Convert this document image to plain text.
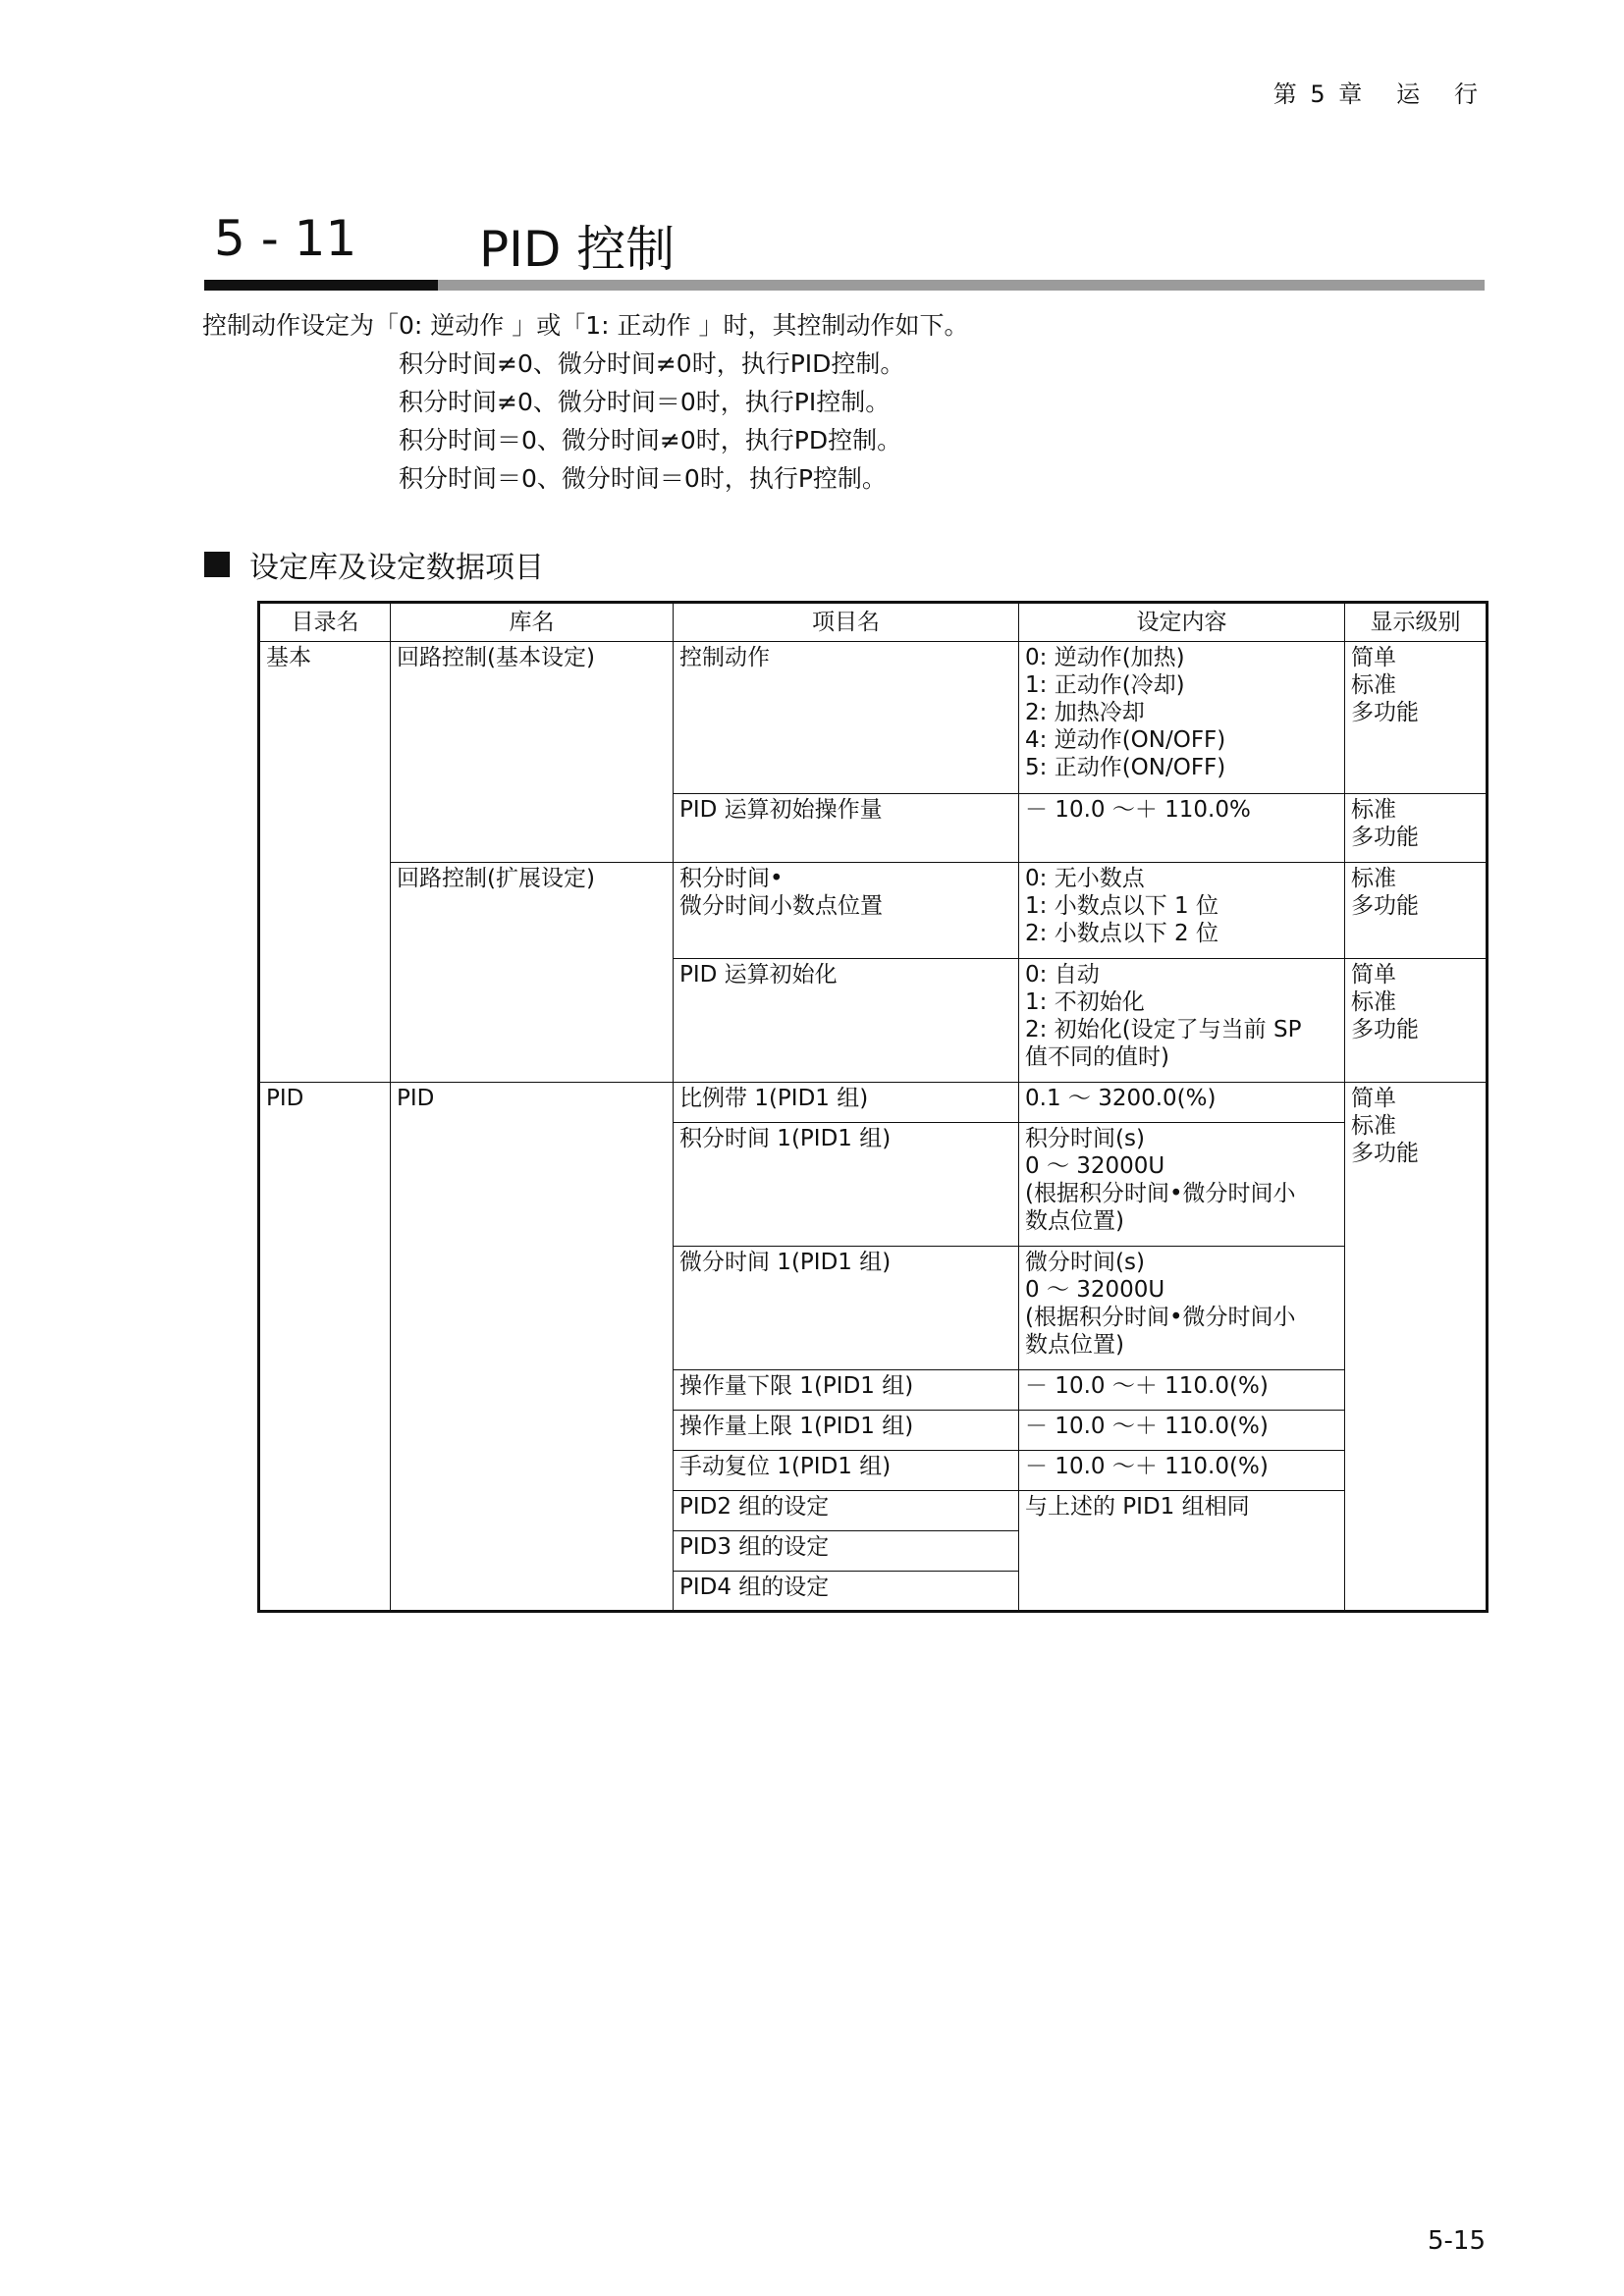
第 5 章   运   行
5 - 11 PID 控制
控制动作设定为「0: 逆动作 」或「1: 正动作 」时，其控制动作如下。
积分时间≠0、微分时间≠0时，执行PID控制。
积分时间≠0、微分时间＝0时，执行PI控制。
积分时间＝0、微分时间≠0时，执行PD控制。
积分时间＝0、微分时间＝0时，执行P控制。
设定库及设定数据项目
目录名	库名	项目名	设定内容	显示级别
基本	回路控制(基本设定)	控制动作	0: 逆动作(加热)
1: 正动作(冷却)
2: 加热冷却
4: 逆动作(ON/OFF)
5: 正动作(ON/OFF)	简单
标准
多功能
		PID 运算初始操作量	－ 10.0 ～＋ 110.0%	标准
多功能
	回路控制(扩展设定)	积分时间•
微分时间小数点位置	0: 无小数点
1: 小数点以下 1 位
2: 小数点以下 2 位	标准
多功能
		PID 运算初始化	0: 自动
1: 不初始化
2: 初始化(设定了与当前 SP
值不同的值时)	简单
标准
多功能
PID	PID	比例带 1(PID1 组)	0.1 ～ 3200.0(%)	简单
标准
多功能
		积分时间 1(PID1 组)	积分时间(s)
0 ～ 32000U
(根据积分时间•微分时间小
数点位置)	
		微分时间 1(PID1 组)	微分时间(s)
0 ～ 32000U
(根据积分时间•微分时间小
数点位置)	
		操作量下限 1(PID1 组)	－ 10.0 ～＋ 110.0(%)	
		操作量上限 1(PID1 组)	－ 10.0 ～＋ 110.0(%)	
		手动复位 1(PID1 组)	－ 10.0 ～＋ 110.0(%)	
		PID2 组的设定	与上述的 PID1 组相同	
		PID3 组的设定		
		PID4 组的设定		
5-15
